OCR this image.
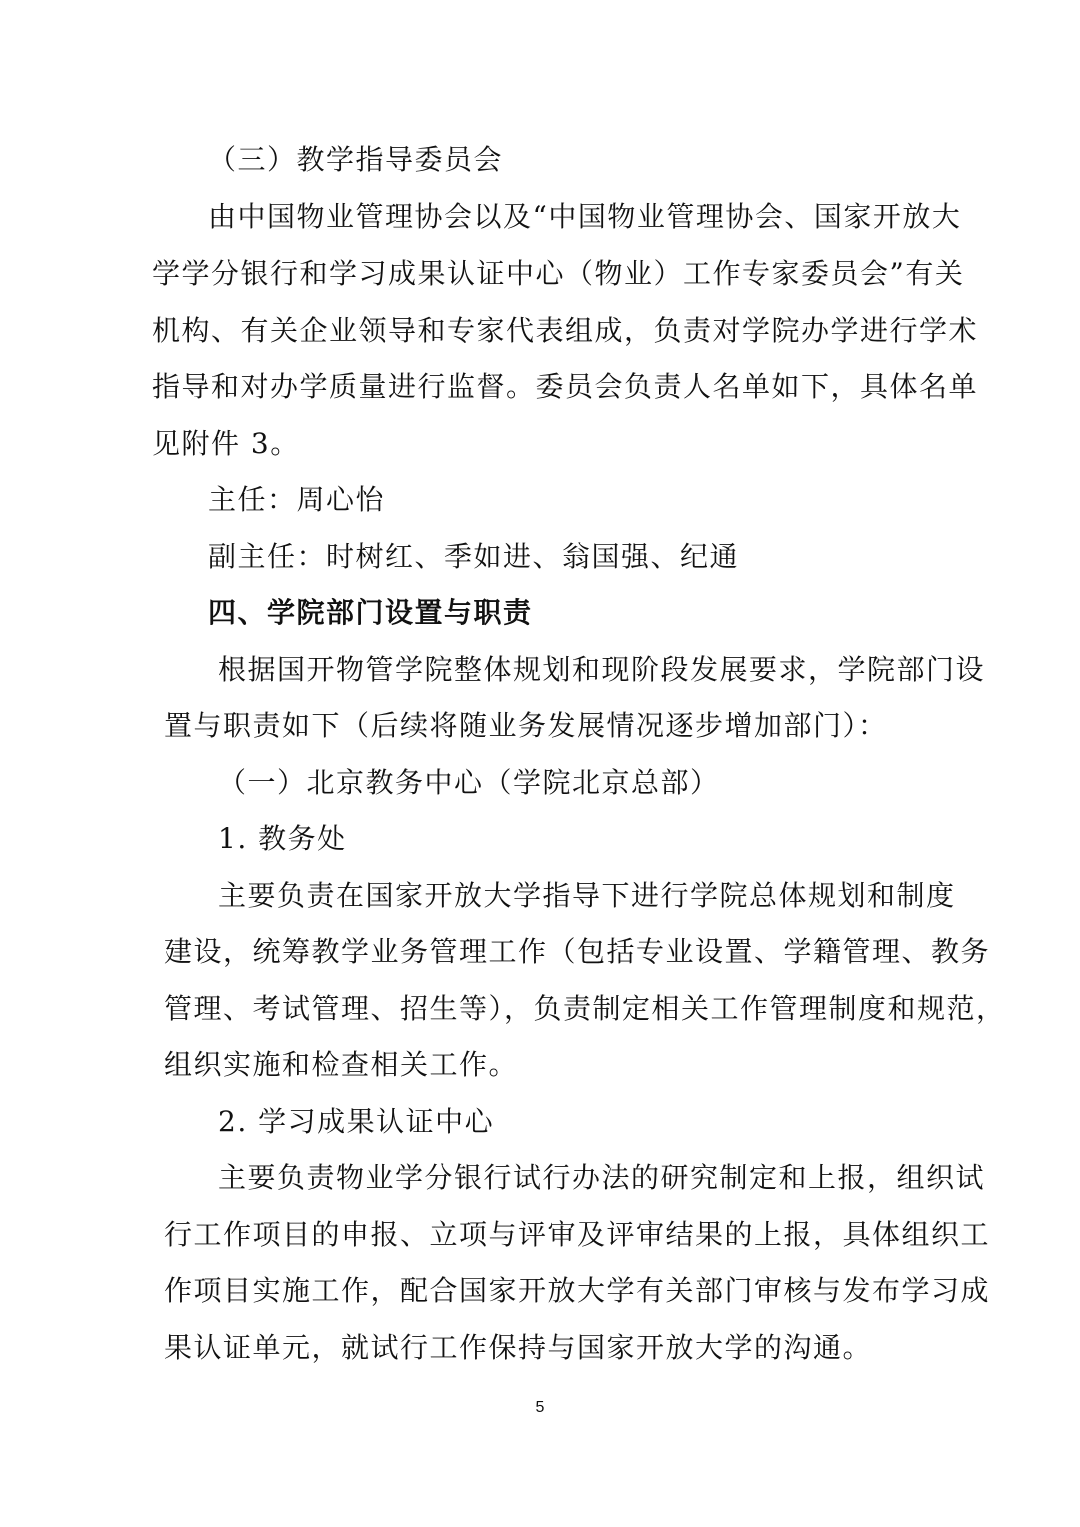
（三）教学指导委员会
由中国物业管理协会以及“中国物业管理协会、国家开放大
学学分银行和学习成果认证中心（物业）工作专家委员会”有关
机构、有关企业领导和专家代表组成，负责对学院办学进行学术
指导和对办学质量进行监督。委员会负责人名单如下，具体名单
见附件 3。
主任：周心怡
副主任：时树红、季如进、翁国强、纪通
四、学院部门设置与职责
根据国开物管学院整体规划和现阶段发展要求，学院部门设
置与职责如下（后续将随业务发展情况逐步增加部门）：
（一）北京教务中心（学院北京总部）
1. 教务处
主要负责在国家开放大学指导下进行学院总体规划和制度
建设，统筹教学业务管理工作（包括专业设置、学籍管理、教务
管理、考试管理、招生等），负责制定相关工作管理制度和规范，
组织实施和检查相关工作。
2. 学习成果认证中心
主要负责物业学分银行试行办法的研究制定和上报，组织试
行工作项目的申报、立项与评审及评审结果的上报，具体组织工
作项目实施工作，配合国家开放大学有关部门审核与发布学习成
果认证单元，就试行工作保持与国家开放大学的沟通。
5
